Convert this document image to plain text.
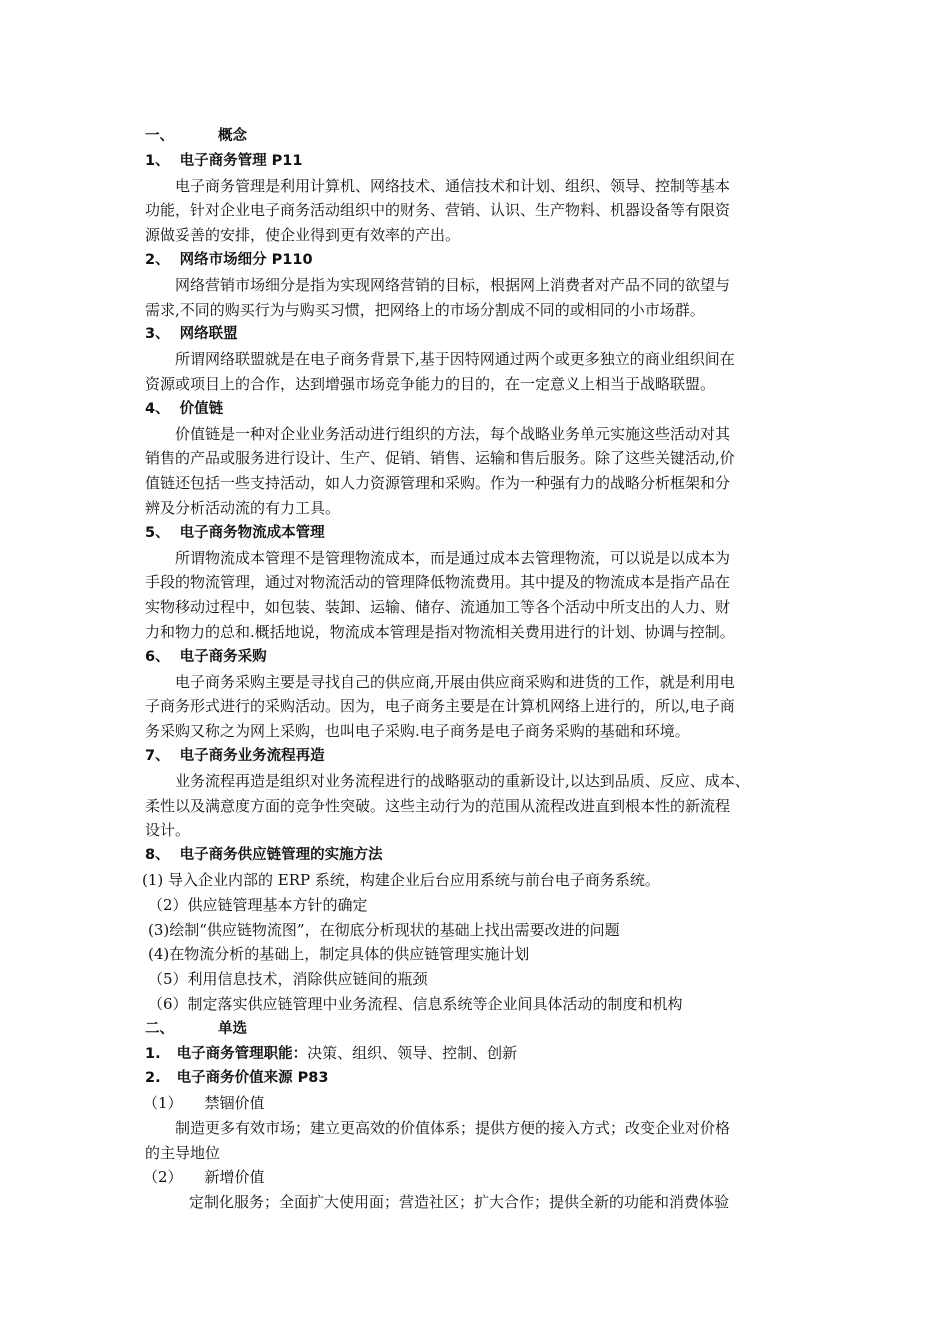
一、	概念
1、 电子商务管理 P11
电子商务管理是利用计算机、网络技术、通信技术和计划、组织、领导、控制等基本
功能，针对企业电子商务活动组织中的财务、营销、认识、生产物料、机器设备等有限资
源做妥善的安排，使企业得到更有效率的产出。
2、 网络市场细分 P110
网络营销市场细分是指为实现网络营销的目标，根据网上消费者对产品不同的欲望与
需求,不同的购买行为与购买习惯，把网络上的市场分割成不同的或相同的小市场群。
3、 网络联盟
所谓网络联盟就是在电子商务背景下,基于因特网通过两个或更多独立的商业组织间在
资源或项目上的合作，达到增强市场竞争能力的目的，在一定意义上相当于战略联盟。
4、 价值链
价值链是一种对企业业务活动进行组织的方法，每个战略业务单元实施这些活动对其
销售的产品或服务进行设计、生产、促销、销售、运输和售后服务。除了这些关键活动,价
值链还包括一些支持活动，如人力资源管理和采购。作为一种强有力的战略分析框架和分
辨及分析活动流的有力工具。
5、 电子商务物流成本管理
所谓物流成本管理不是管理物流成本，而是通过成本去管理物流，可以说是以成本为
手段的物流管理，通过对物流活动的管理降低物流费用。其中提及的物流成本是指产品在
实物移动过程中，如包装、装卸、运输、储存、流通加工等各个活动中所支出的人力、财
力和物力的总和.概括地说，物流成本管理是指对物流相关费用进行的计划、协调与控制。
6、 电子商务采购
电子商务采购主要是寻找自己的供应商,开展由供应商采购和进货的工作，就是利用电
子商务形式进行的采购活动。因为，电子商务主要是在计算机网络上进行的，所以,电子商
务采购又称之为网上采购，也叫电子采购.电子商务是电子商务采购的基础和环境。
7、 电子商务业务流程再造
业务流程再造是组织对业务流程进行的战略驱动的重新设计,以达到品质、反应、成本、
柔性以及满意度方面的竞争性突破。这些主动行为的范围从流程改进直到根本性的新流程
设计。
8、 电子商务供应链管理的实施方法
(1) 导入企业内部的 ERP 系统，构建企业后台应用系统与前台电子商务系统。
（2）供应链管理基本方针的确定
(3)绘制“供应链物流图”，在彻底分析现状的基础上找出需要改进的问题
(4)在物流分析的基础上，制定具体的供应链管理实施计划
（5）利用信息技术，消除供应链间的瓶颈
（6）制定落实供应链管理中业务流程、信息系统等企业间具体活动的制度和机构
二、	单选
1. 电子商务管理职能：决策、组织、领导、控制、创新
2. 电子商务价值来源 P83
（1） 禁锢价值
制造更多有效市场；建立更高效的价值体系；提供方便的接入方式；改变企业对价格
的主导地位
（2） 新增价值
定制化服务；全面扩大使用面；营造社区；扩大合作；提供全新的功能和消费体验
